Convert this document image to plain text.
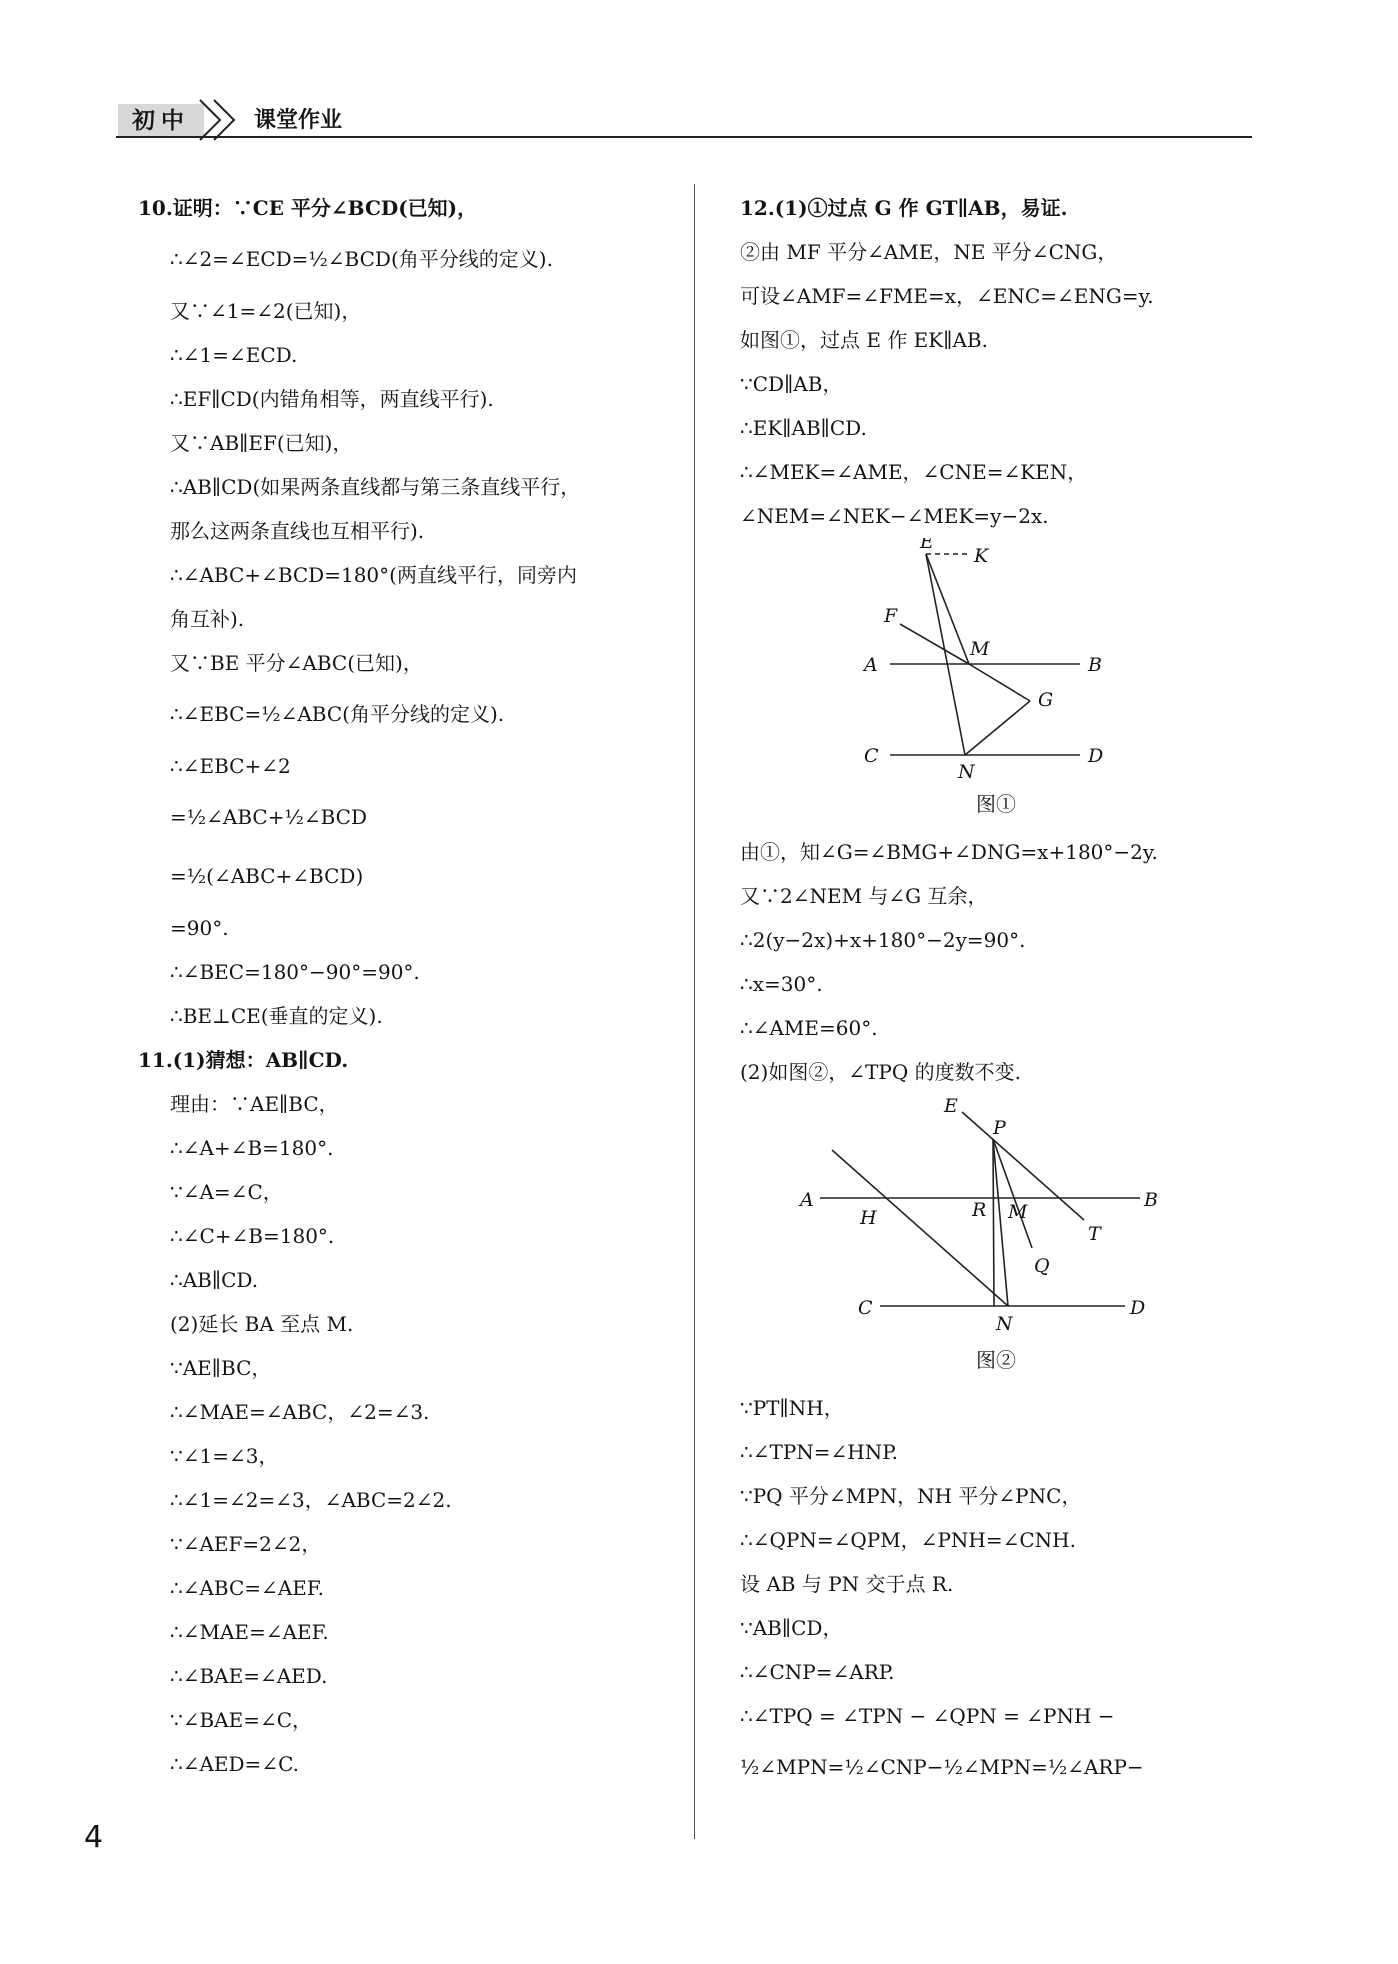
初中	课堂作业
10.证明：∵CE 平分∠BCD(已知)，
∴∠2=∠ECD=½∠BCD(角平分线的定义).
又∵∠1=∠2(已知)，
∴∠1=∠ECD.
∴EF∥CD(内错角相等，两直线平行).
又∵AB∥EF(已知)，
∴AB∥CD(如果两条直线都与第三条直线平行，
那么这两条直线也互相平行).
∴∠ABC+∠BCD=180°(两直线平行，同旁内
角互补).
又∵BE 平分∠ABC(已知)，
∴∠EBC=½∠ABC(角平分线的定义).
∴∠EBC+∠2
=½∠ABC+½∠BCD
=½(∠ABC+∠BCD)
=90°.
∴∠BEC=180°−90°=90°.
∴BE⊥CE(垂直的定义).
11.(1)猜想：AB∥CD.
理由：∵AE∥BC，
∴∠A+∠B=180°.
∵∠A=∠C，
∴∠C+∠B=180°.
∴AB∥CD.
(2)延长 BA 至点 M.
∵AE∥BC，
∴∠MAE=∠ABC，∠2=∠3.
∵∠1=∠3，
∴∠1=∠2=∠3，∠ABC=2∠2.
∵∠AEF=2∠2，
∴∠ABC=∠AEF.
∴∠MAE=∠AEF.
∴∠BAE=∠AED.
∵∠BAE=∠C，
∴∠AED=∠C.
12.(1)①过点 G 作 GT∥AB，易证.
②由 MF 平分∠AME，NE 平分∠CNG，
可设∠AMF=∠FME=x，∠ENC=∠ENG=y.
如图①，过点 E 作 EK∥AB.
∵CD∥AB，
∴EK∥AB∥CD.
∴∠MEK=∠AME，∠CNE=∠KEN，
∠NEM=∠NEK−∠MEK=y−2x.
E
K
F
A
M
B
G
C
N
D
图①
由①，知∠G=∠BMG+∠DNG=x+180°−2y.
又∵2∠NEM 与∠G 互余，
∴2(y−2x)+x+180°−2y=90°.
∴x=30°.
∴∠AME=60°.
(2)如图②，∠TPQ 的度数不变.
E
P
A
H	R M
B
T
Q
C
N
D
图②
∵PT∥NH，
∴∠TPN=∠HNP.
∵PQ 平分∠MPN，NH 平分∠PNC，
∴∠QPN=∠QPM，∠PNH=∠CNH.
设 AB 与 PN 交于点 R.
∵AB∥CD，
∴∠CNP=∠ARP.
∴∠TPQ = ∠TPN − ∠QPN = ∠PNH −
½∠MPN=½∠CNP−½∠MPN=½∠ARP−
4
